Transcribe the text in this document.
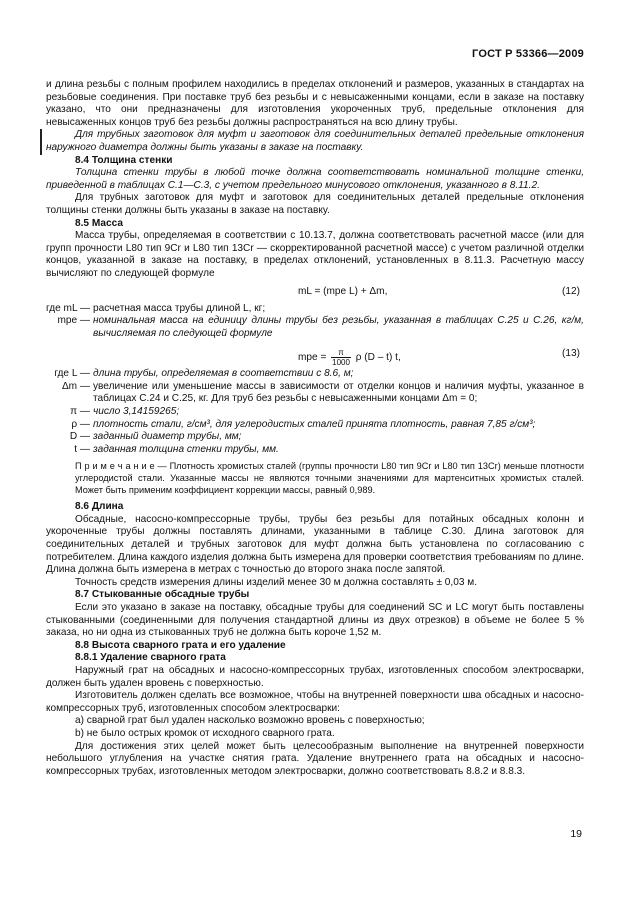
ГОСТ Р 53366—2009

и длина резьбы с полным профилем находились в пределах отклонений и размеров, указанных в стандартах на резьбовые соединения. При поставке труб без резьбы и с невысаженными концами, если в заказе на поставку указано, что они предназначены для изготовления укороченных труб, предельные отклонения для невысаженных концов труб без резьбы должны распространяться на всю длину трубы.

Для трубных заготовок для муфт и заготовок для соединительных деталей предельные отклонения наружного диаметра должны быть указаны в заказе на поставку.

8.4 Толщина стенки

Толщина стенки трубы в любой точке должна соответствовать номинальной толщине стенки, приведенной в таблицах С.1—С.3, с учетом предельного минусового отклонения, указанного в 8.11.2.

Для трубных заготовок для муфт и заготовок для соединительных деталей предельные отклонения толщины стенки должны быть указаны в заказе на поставку.

8.5 Масса

Масса трубы, определяемая в соответствии с 10.13.7, должна соответствовать расчетной массе (или для групп прочности L80 тип 9Cr и L80 тип 13Cr — скорректированной расчетной массе) с учетом различной отделки концов, указанной в заказе на поставку, в пределах отклонений, установленных в 8.11.3. Расчетную массу вычисляют по следующей формуле

mL = (mpe L) + Δm,	(12)
где mL — расчетная масса трубы длиной L, кг;
mpe — номинальная масса на единицу длины трубы без резьбы, указанная в таблицах С.25 и С.26, кг/м, вычисляемая по следующей формуле
mpe = $\frac{\pi}{1000}$ ρ (D – t) t,	(13)
где L — длина трубы, определяемая в соответствии с 8.6, м;
Δm — увеличение или уменьшение массы в зависимости от отделки концов и наличия муфты, указанное в таблицах С.24 и С.25, кг. Для труб без резьбы с невысаженными концами Δm = 0;
π — число 3,14159265;
ρ — плотность стали, г/см³, для углеродистых сталей принята плотность, равная 7,85 г/см³;
D — заданный диаметр трубы, мм;
t — заданная толщина стенки трубы, мм.

П р и м е ч а н и е — Плотность хромистых сталей (группы прочности L80 тип 9Cr и L80 тип 13Cr) меньше плотности углеродистой стали. Указанные массы не являются точными значениями для мартенситных хромистых сталей. Может быть применим коэффициент коррекции массы, равный 0,989.

8.6 Длина

Обсадные, насосно-компрессорные трубы, трубы без резьбы для потайных обсадных колонн и укороченные трубы должны поставлять длинами, указанными в таблице С.30. Длина заготовок для соединительных деталей и трубных заготовок для муфт должна быть установлена по согласованию с потребителем. Длина каждого изделия должна быть измерена для проверки соответствия требованиям по длине. Длина должна быть измерена в метрах с точностью до второго знака после запятой.

Точность средств измерения длины изделий менее 30 м должна составлять ± 0,03 м.

8.7 Стыкованные обсадные трубы

Если это указано в заказе на поставку, обсадные трубы для соединений SC и LC могут быть поставлены стыкованными (соединенными для получения стандартной длины из двух отрезков) в объеме не более 5 % заказа, но ни одна из стыкованных труб не должна быть короче 1,52 м.

8.8 Высота сварного грата и его удаление
8.8.1 Удаление сварного грата

Наружный грат на обсадных и насосно-компрессорных трубах, изготовленных способом электросварки, должен быть удален вровень с поверхностью.

Изготовитель должен сделать все возможное, чтобы на внутренней поверхности шва обсадных и насосно-компрессорных труб, изготовленных способом электросварки:

а) сварной грат был удален насколько возможно вровень с поверхностью;
b) не было острых кромок от исходного сварного грата.

Для достижения этих целей может быть целесообразным выполнение на внутренней поверхности небольшого углубления на участке снятия грата. Удаление внутреннего грата на обсадных и насосно-компрессорных трубах, изготовленных методом электросварки, должно соответствовать 8.8.2 и 8.8.3.

19
